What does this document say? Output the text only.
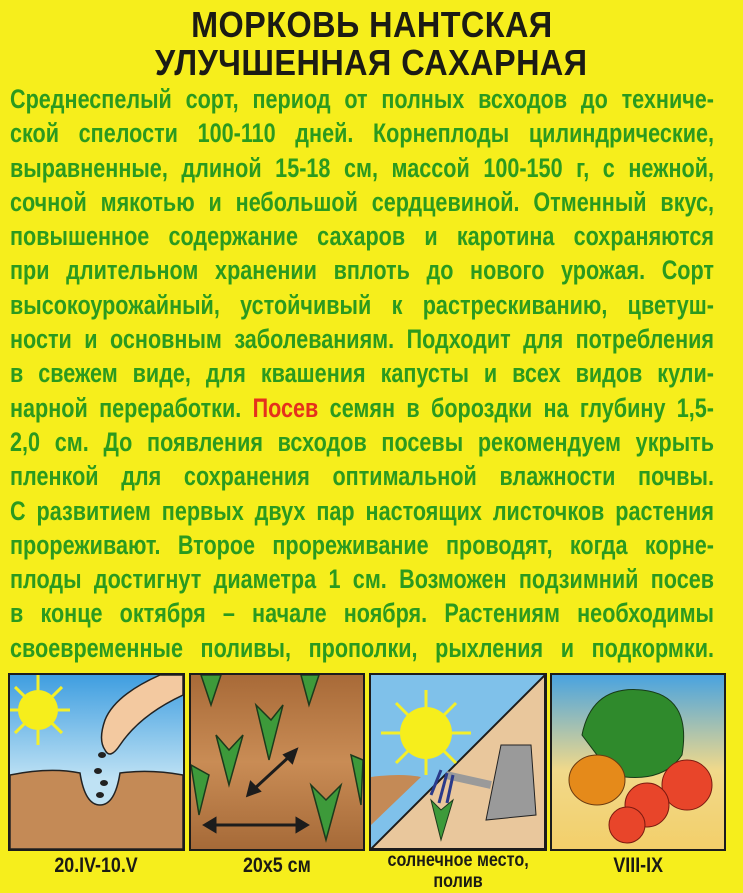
МОРКОВЬ НАНТСКАЯ
УЛУЧШЕННАЯ САХАРНАЯ
Среднеспелый сорт, период от полных всходов до техниче-
ской спелости 100-110 дней. Корнеплоды цилиндрические,
выравненные, длиной 15-18 см, массой 100-150 г, с нежной,
сочной мякотью и небольшой сердцевиной. Отменный вкус,
повышенное содержание сахаров и каротина сохраняются
при длительном хранении вплоть до нового урожая. Сорт
высокоурожайный, устойчивый к растрескиванию, цветуш-
ности и основным заболеваниям. Подходит для потребления
в свежем виде, для квашения капусты и всех видов кули-
нарной переработки. Посев семян в бороздки на глубину 1,5-
2,0 см. До появления всходов посевы рекомендуем укрыть
пленкой для сохранения оптимальной влажности почвы.
С развитием первых двух пар настоящих листочков растения
прореживают. Второе прореживание проводят, когда корне-
плоды достигнут диаметра 1 см. Возможен подзимний посев
в конце октября – начале ноября. Растениям необходимы
своевременные поливы, прополки, рыхления и подкормки.
20.IV-10.V	20x5 см	солнечное место,
полив
VIII-IX
